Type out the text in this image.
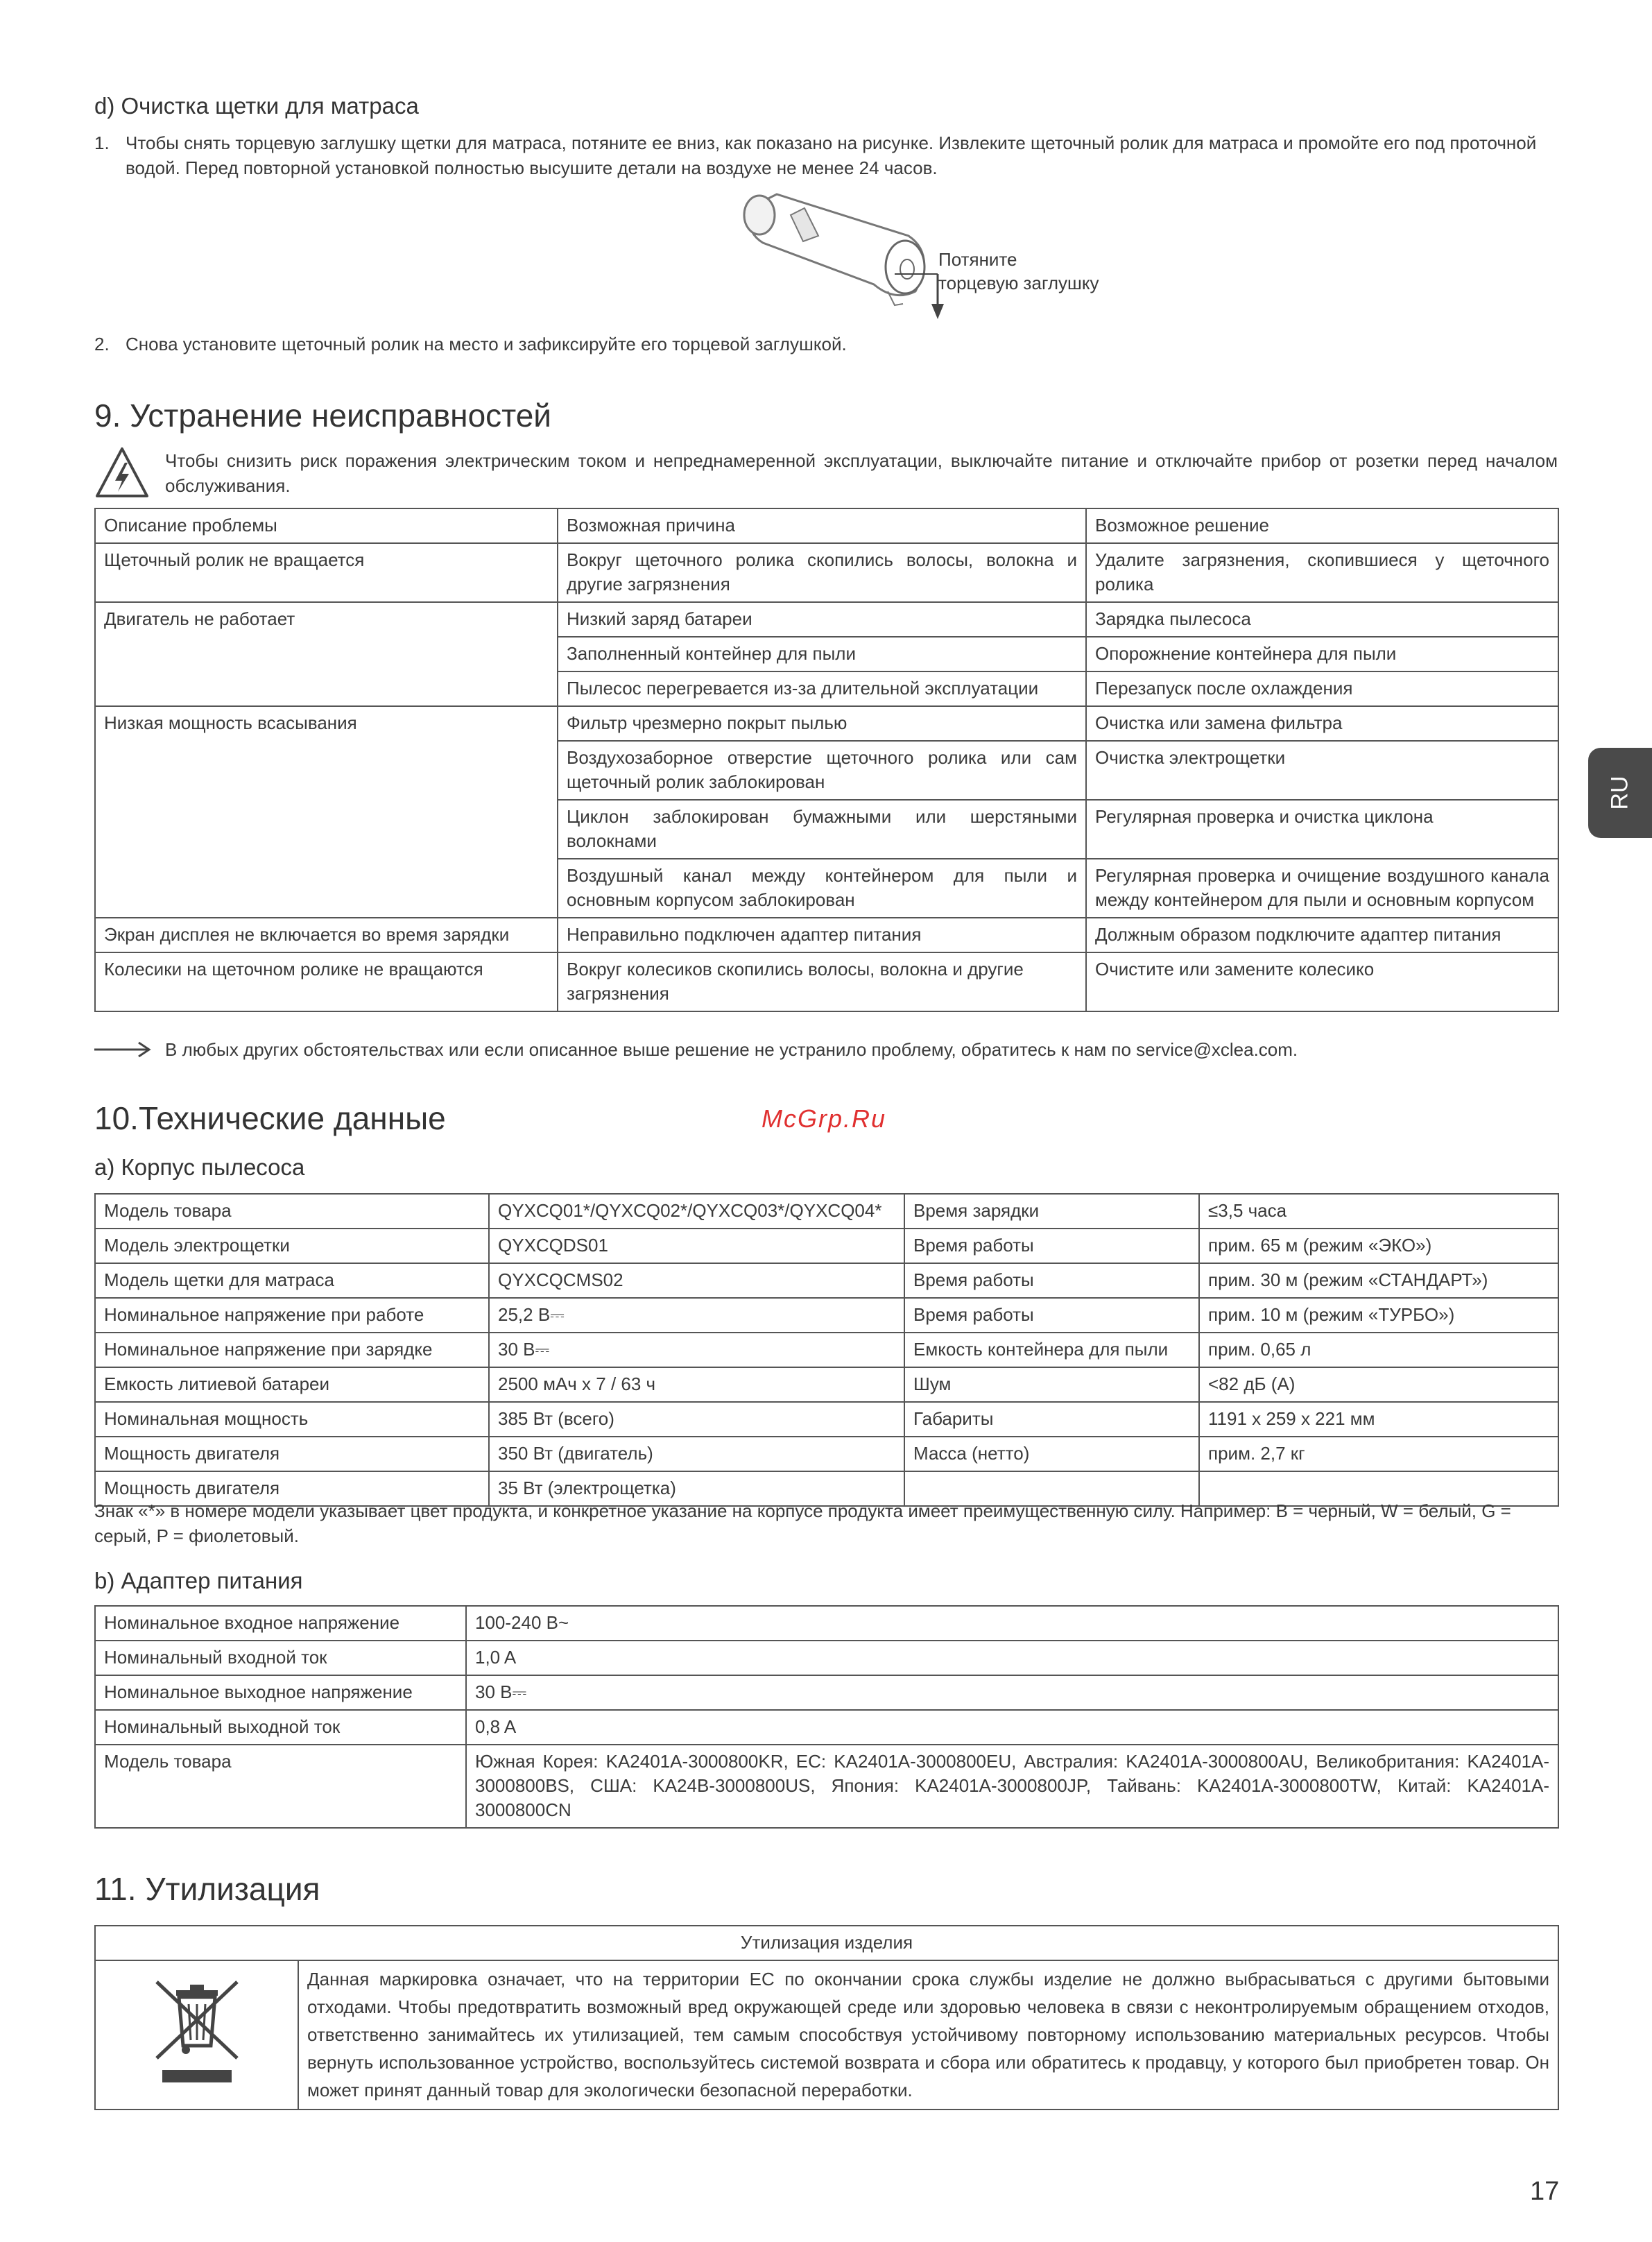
d) Очистка щетки для матраса
1. Чтобы снять торцевую заглушку щетки для матраса, потяните ее вниз, как показано на рисунке. Извлеките щеточный ролик для матраса и промойте его под проточной водой. Перед повторной установкой полностью высушите детали на воздухе не менее 24 часов.
Потяните
торцевую заглушку
2. Снова установите щеточный ролик на место и зафиксируйте его торцевой заглушкой.
9. Устранение неисправностей
Чтобы снизить риск поражения электрическим током и непреднамеренной эксплуатации, выключайте питание и отключайте прибор от розетки перед началом обслуживания.
Описание проблемы	Возможная причина	Возможное решение
Щеточный ролик не вращается	Вокруг щеточного ролика скопились волосы, волокна и другие загрязнения	Удалите загрязнения, скопившиеся у щеточного ролика
Двигатель не работает	Низкий заряд батареи	Зарядка пылесоса
	Заполненный контейнер для пыли	Опорожнение контейнера для пыли
	Пылесос перегревается из-за длительной эксплуатации	Перезапуск после охлаждения
Низкая мощность всасывания	Фильтр чрезмерно покрыт пылью	Очистка или замена фильтра
	Воздухозаборное отверстие щеточного ролика или сам щеточный ролик заблокирован	Очистка электрощетки
	Циклон заблокирован бумажными или шерстяными волокнами	Регулярная проверка и очистка циклона
	Воздушный канал между контейнером для пыли и основным корпусом заблокирован	Регулярная проверка и очищение воздушного канала между контейнером для пыли и основным корпусом
Экран дисплея не включается во время зарядки	Неправильно подключен адаптер питания	Должным образом подключите адаптер питания
Колесики на щеточном ролике не вращаются	Вокруг колесиков скопились волосы, волокна и другие загрязнения	Очистите или замените колесико
В любых других обстоятельствах или если описанное выше решение не устранило проблему, обратитесь к нам по service@xclea.com.
10.Технические данные	McGrp.Ru
a) Корпус пылесоса
Модель товара	QYXCQ01*/QYXCQ02*/QYXCQ03*/QYXCQ04*	Время зарядки	≤3,5 часа
Модель электрощетки	QYXCQDS01	Время работы	прим. 65 м (режим «ЭКО»)
Модель щетки для матраса	QYXCQCMS02	Время работы	прим. 30 м (режим «СТАНДАРТ»)
Номинальное напряжение при работе	25,2 В⎓	Время работы	прим. 10 м (режим «ТУРБО»)
Номинальное напряжение при зарядке	30 В⎓	Емкость контейнера для пыли	прим. 0,65 л
Емкость литиевой батареи	2500 мАч x 7 / 63 ч	Шум	<82 дБ (A)
Номинальная мощность	385 Вт (всего)	Габариты	1191 x 259 x 221 мм
Мощность двигателя	350 Вт (двигатель)	Масса (нетто)	прим. 2,7 кг
Мощность двигателя	35 Вт (электрощетка)		
Знак «*» в номере модели указывает цвет продукта, и конкретное указание на корпусе продукта имеет преимущественную силу. Например: B = черный, W = белый, G = серый, P = фиолетовый.
b) Адаптер питания
Номинальное входное напряжение	100-240 В~
Номинальный входной ток	1,0 A
Номинальное выходное напряжение	30 В⎓
Номинальный выходной ток	0,8 A
Модель товара	Южная Корея: KA2401A-3000800KR, ЕС: KA2401A-3000800EU, Австралия: KA2401A-3000800AU, Великобритания: KA2401A-3000800BS, США: KA24B-3000800US, Япония: KA2401A-3000800JP, Тайвань: KA2401A-3000800TW, Китай: KA2401A-3000800CN
11. Утилизация
Утилизация изделия
	Данная маркировка означает, что на территории ЕС по окончании срока службы изделие не должно выбрасываться с другими бытовыми отходами. Чтобы предотвратить возможный вред окружающей среде или здоровью человека в связи с неконтролируемым обращением отходов, ответственно занимайтесь их утилизацией, тем самым способствуя устойчивому повторному использованию материальных ресурсов. Чтобы вернуть использованное устройство, воспользуйтесь системой возврата и сбора или обратитесь к продавцу, у которого был приобретен товар. Он может принят данный товар для экологически безопасной переработки.
RU
17
